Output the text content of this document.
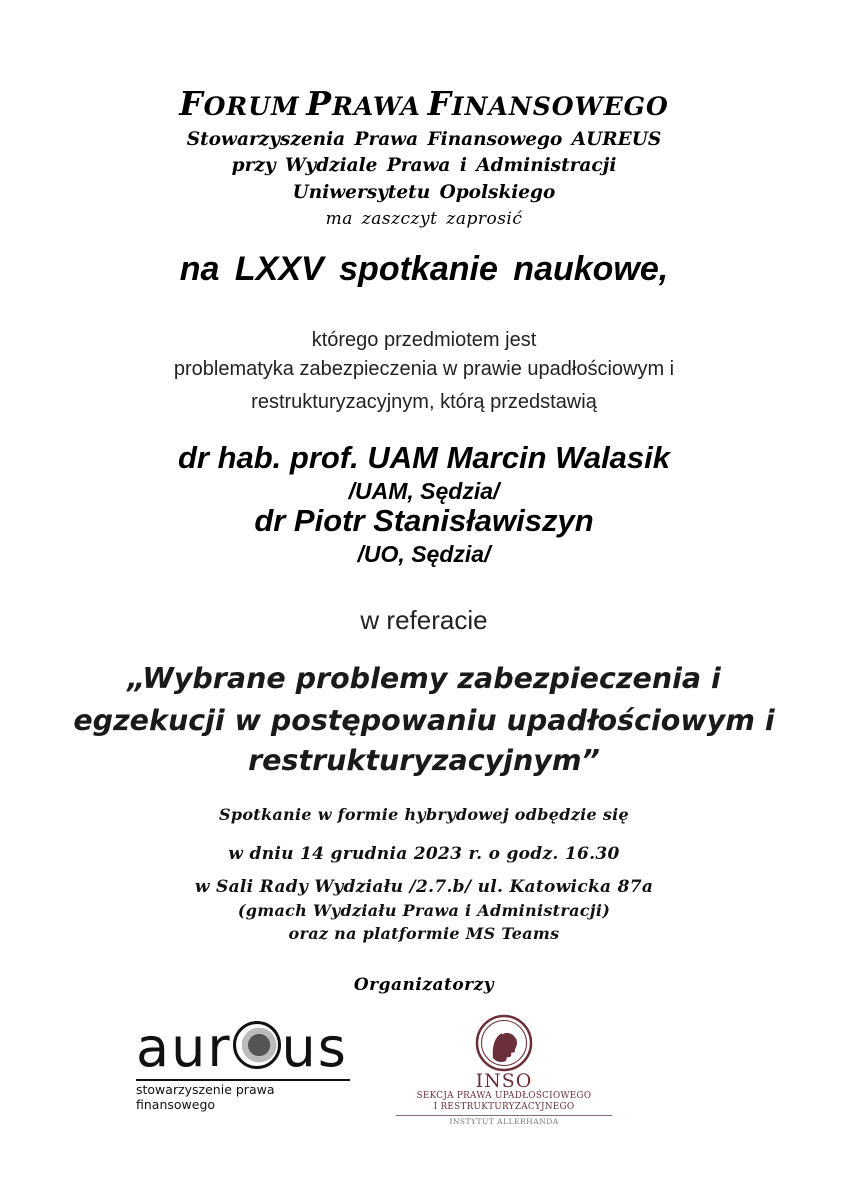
FORUM PRAWA FINANSOWEGO
Stowarzyszenia Prawa Finansowego AUREUS
przy Wydziale Prawa i Administracji
Uniwersytetu Opolskiego
ma zaszczyt zaprosić
na LXXV spotkanie naukowe,
którego przedmiotem jest
problematyka zabezpieczenia w prawie upadłościowym i
restrukturyzacyjnym, którą przedstawią
dr hab. prof. UAM Marcin Walasik
/UAM, Sędzia/
dr Piotr Stanisławiszyn
/UO, Sędzia/
w referacie
„Wybrane problemy zabezpieczenia i
egzekucji w postępowaniu upadłościowym i
restrukturyzacyjnym”
Spotkanie w formie hybrydowej odbędzie się
w dniu 14 grudnia 2023 r. o godz. 16.30
w Sali Rady Wydziału /2.7.b/ ul. Katowicka 87a
(gmach Wydziału Prawa i Administracji)
oraz na platformie MS Teams
Organizatorzy
aur us
stowarzyszenie prawa finansowego
INSO
SEKCJA PRAWA UPADŁOŚCIOWEGO
I RESTRUKTURYZACYJNEGO
INSTYTUT ALLERHANDA
